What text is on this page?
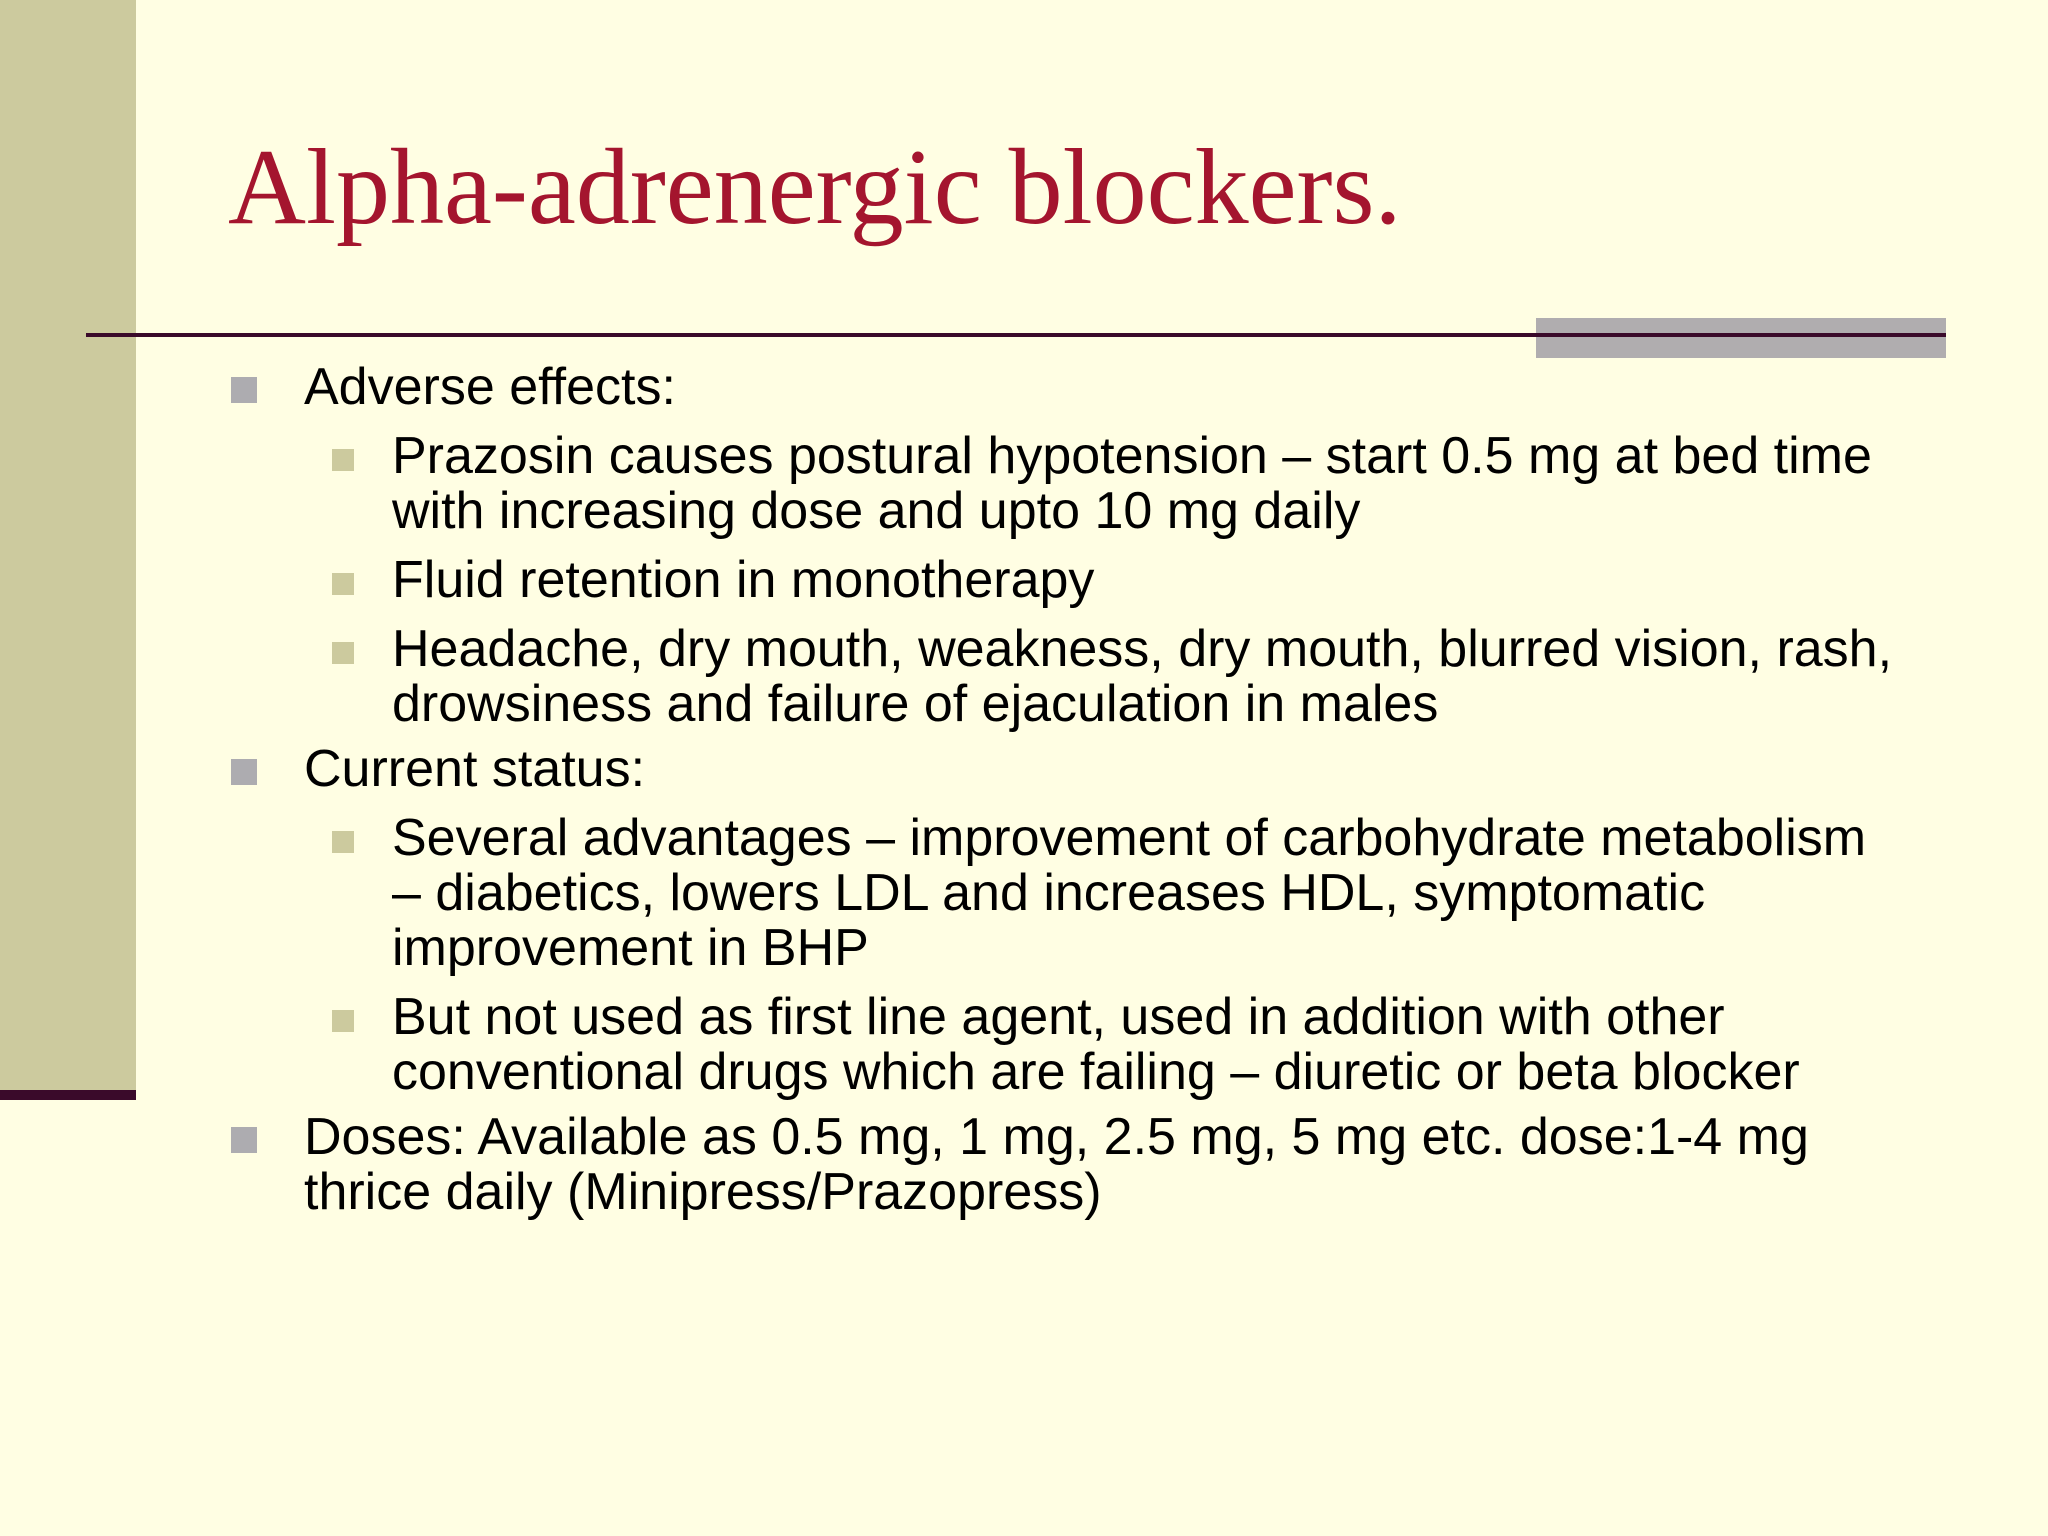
Alpha-adrenergic blockers.
Adverse effects:
Prazosin causes postural hypotension – start 0.5 mg at bed time with increasing dose and upto 10 mg daily
Fluid retention in monotherapy
Headache, dry mouth, weakness, dry mouth, blurred vision, rash, drowsiness and failure of ejaculation in males
Current status:
Several advantages – improvement of carbohydrate metabolism – diabetics, lowers LDL and increases HDL, symptomatic improvement in BHP
But not used as first line agent, used in addition with other conventional drugs which are failing – diuretic or beta blocker
Doses: Available as 0.5 mg, 1 mg, 2.5 mg, 5 mg etc. dose:1-4 mg thrice daily (Minipress/Prazopress)
